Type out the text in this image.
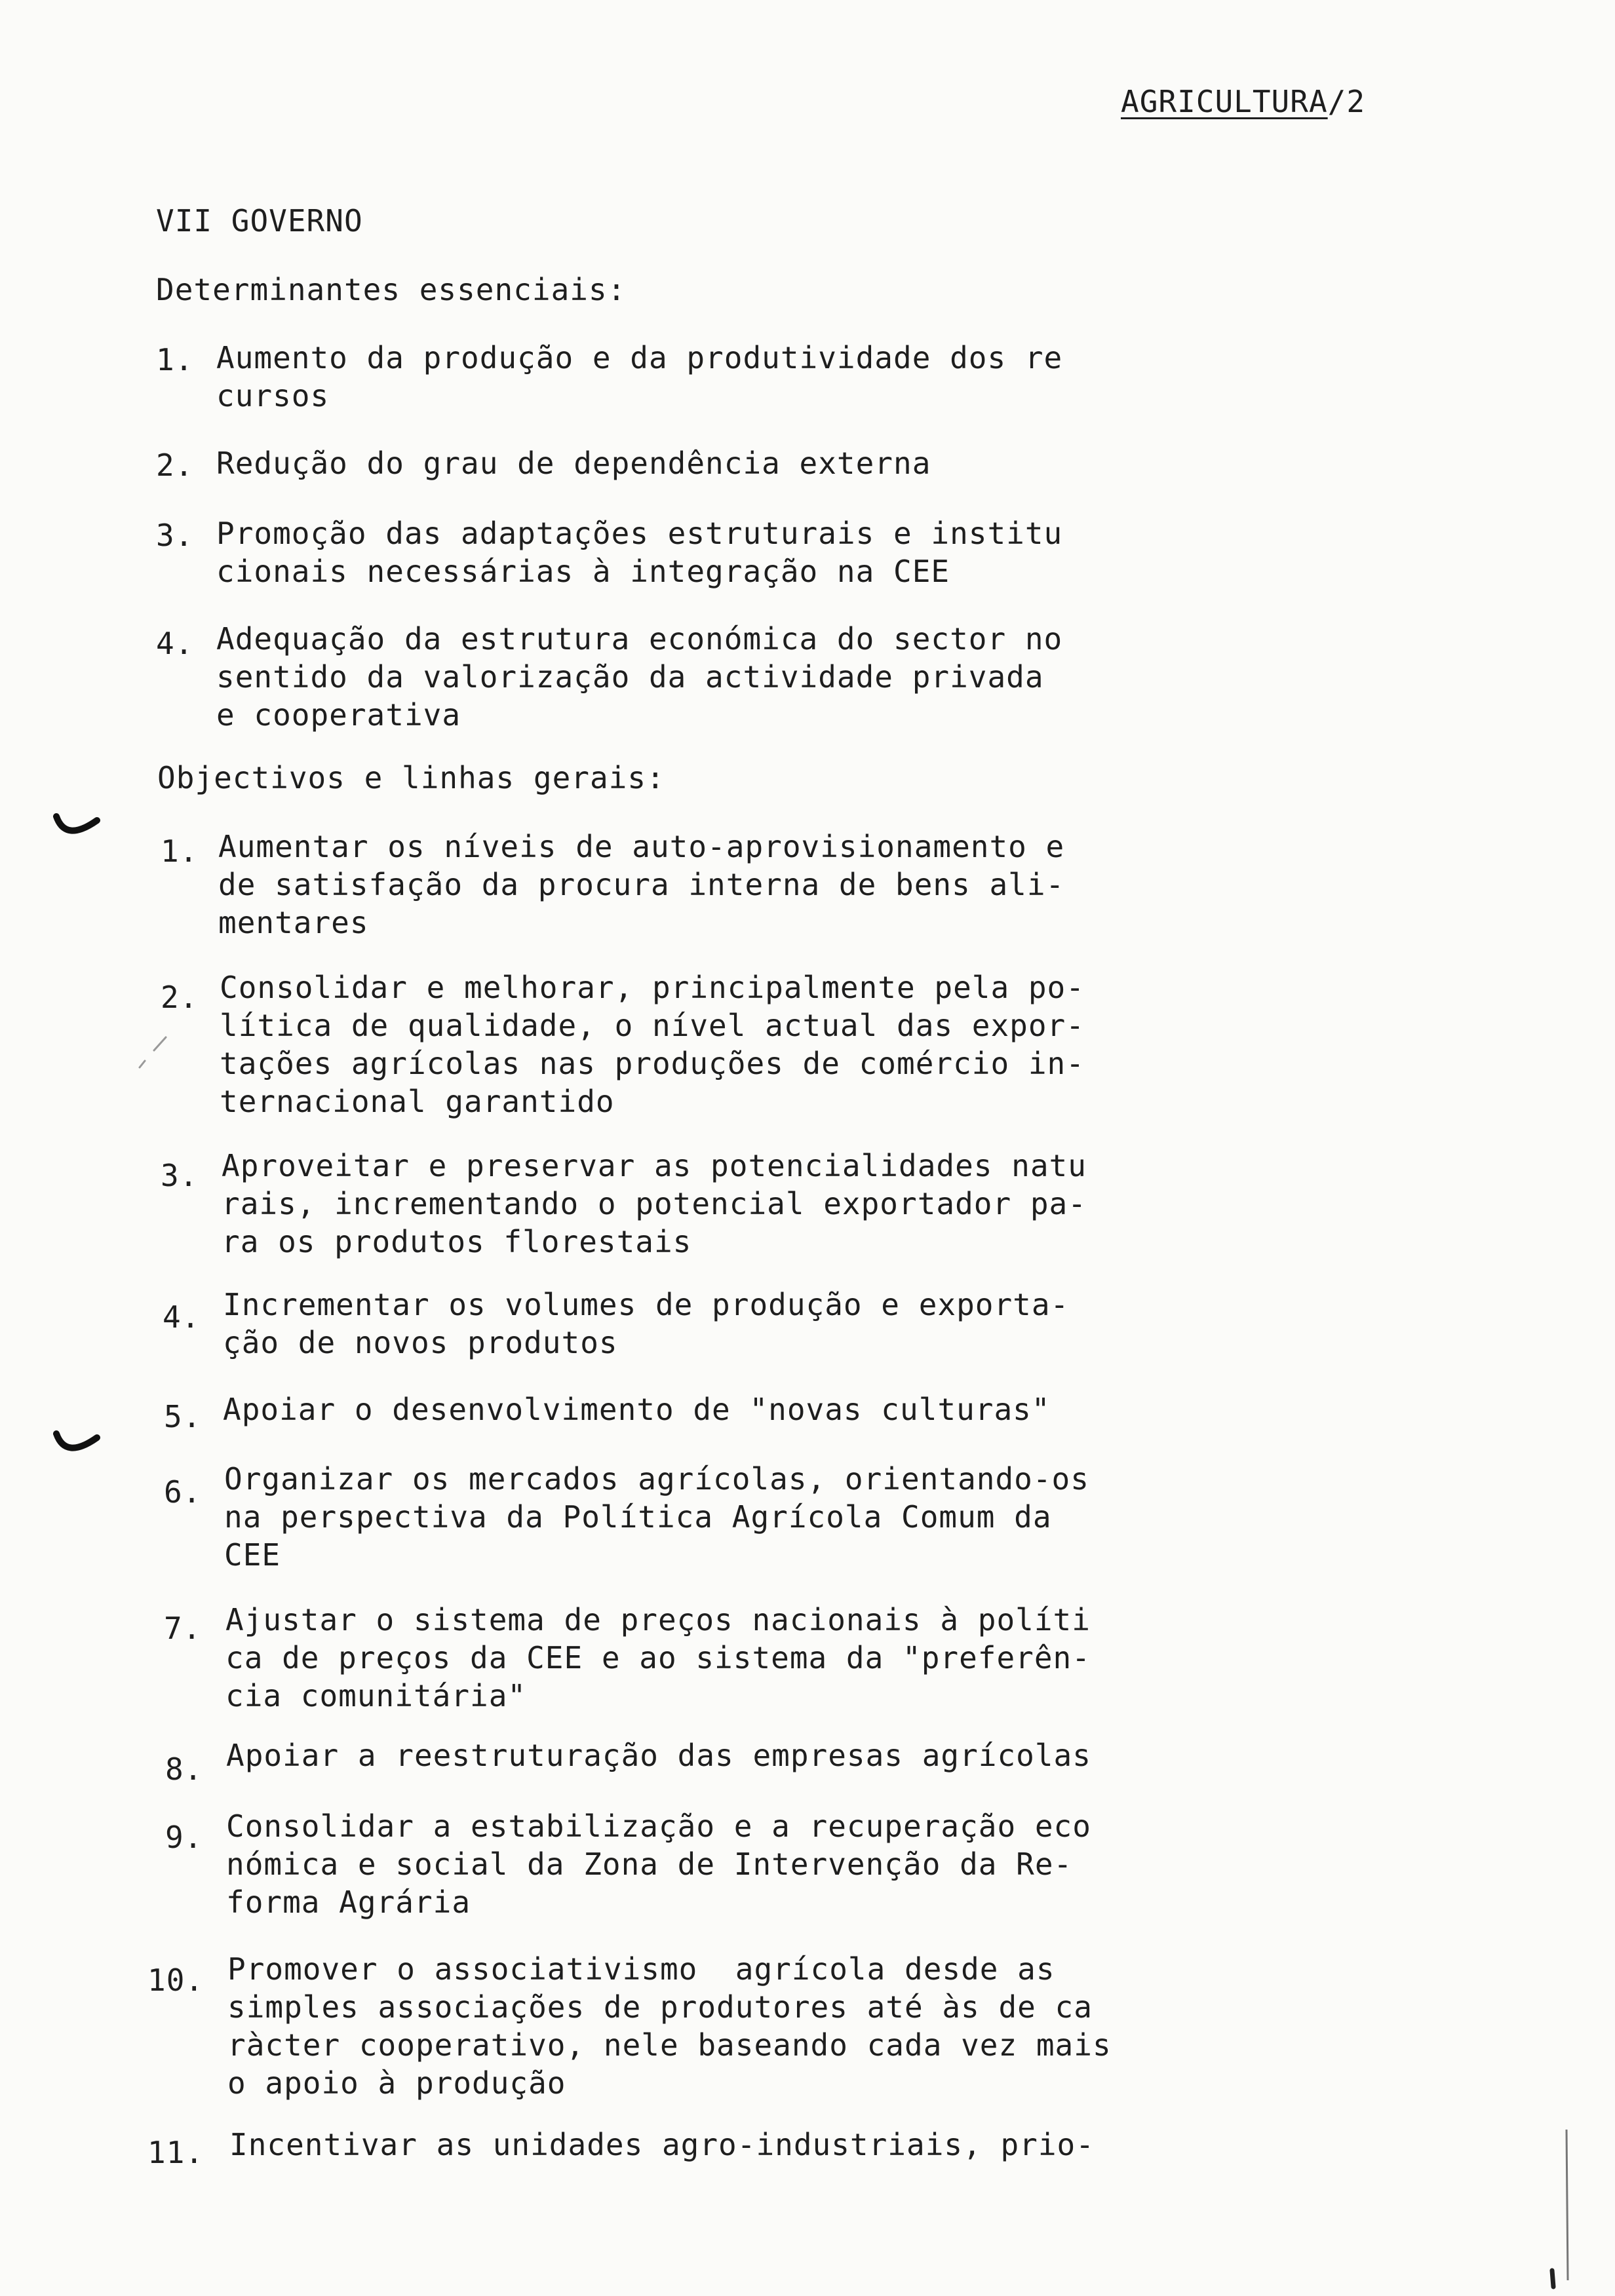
AGRICULTURA/2
VII GOVERNO
Determinantes essenciais:
1. Aumento da produção e da produtividade dos re
cursos
2. Redução do grau de dependência externa
3. Promoção das adaptações estruturais e institu
cionais necessárias à integração na CEE
4. Adequação da estrutura económica do sector no
sentido da valorização da actividade privada
e cooperativa
Objectivos e linhas gerais:
1. Aumentar os níveis de auto-aprovisionamento e
de satisfação da procura interna de bens ali-
mentares
2. Consolidar e melhorar, principalmente pela po-
lítica de qualidade, o nível actual das expor-
tações agrícolas nas produções de comércio in-
ternacional garantido
3. Aproveitar e preservar as potencialidades natu
rais, incrementando o potencial exportador pa-
ra os produtos florestais
4. Incrementar os volumes de produção e exporta-
ção de novos produtos
5. Apoiar o desenvolvimento de "novas culturas"
6. Organizar os mercados agrícolas, orientando-os
na perspectiva da Política Agrícola Comum da
CEE
7. Ajustar o sistema de preços nacionais à políti
ca de preços da CEE e ao sistema da "preferên-
cia comunitária"
8. Apoiar a reestruturação das empresas agrícolas
9. Consolidar a estabilização e a recuperação eco
nómica e social da Zona de Intervenção da Re-
forma Agrária
10. Promover o associativismo  agrícola desde as
simples associações de produtores até às de ca
ràcter cooperativo, nele baseando cada vez mais
o apoio à produção
11. Incentivar as unidades agro-industriais, prio-
